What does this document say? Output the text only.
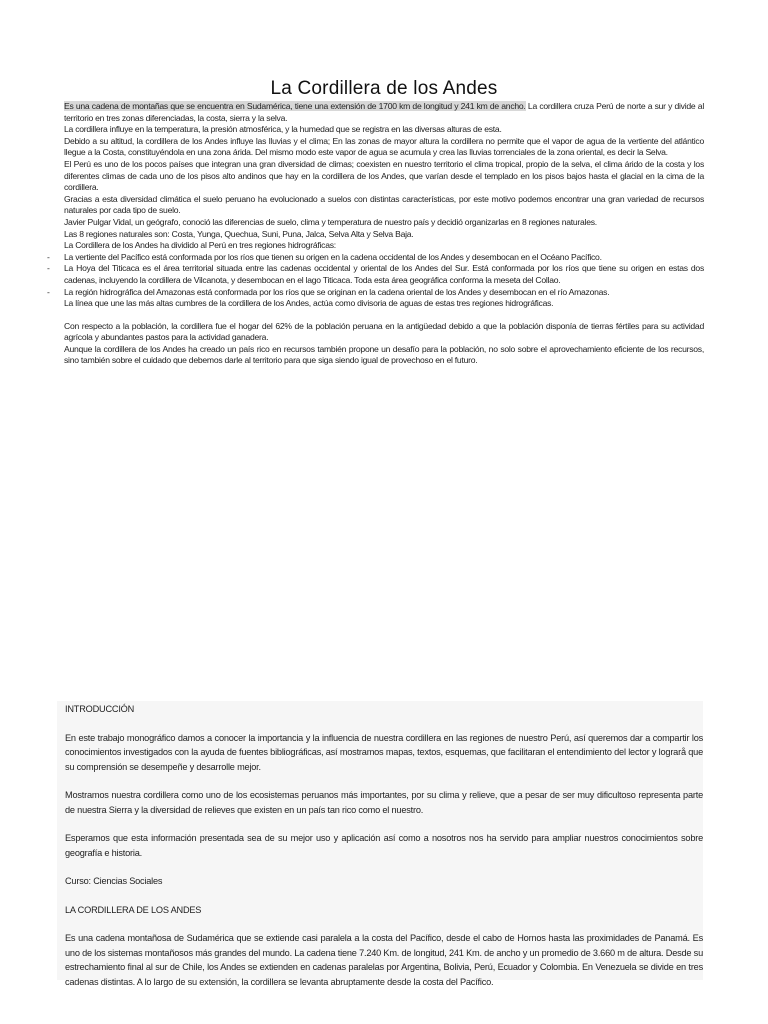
La Cordillera de los Andes

Es una cadena de montañas que se encuentra en Sudamérica, tiene una extensión de 1700 km de longitud y 241 km de ancho. La cordillera cruza Perú de norte a sur y divide al territorio en tres zonas diferenciadas, la costa, sierra y la selva.

La cordillera influye en la temperatura, la presión atmosférica, y la humedad que se registra en las diversas alturas de esta.

Debido a su altitud, la cordillera de los Andes influye las lluvias y el clima; En las zonas de mayor altura la cordillera no permite que el vapor de agua de la vertiente del atlántico llegue a la Costa, constituyéndola en una zona árida. Del mismo modo este vapor de agua se acumula y crea las lluvias torrenciales de la zona oriental, es decir la Selva.

El Perú es uno de los pocos países que integran una gran diversidad de climas; coexisten en nuestro territorio el clima tropical, propio de la selva, el clima árido de la costa y los diferentes climas de cada uno de los pisos alto andinos que hay en la cordillera de los Andes, que varían desde el templado en los pisos bajos hasta el glacial en la cima de la cordillera.

Gracias a esta diversidad climática el suelo peruano ha evolucionado a suelos con distintas características, por este motivo podemos encontrar una gran variedad de recursos naturales por cada tipo de suelo.

Javier Pulgar Vidal, un geógrafo, conoció las diferencias de suelo, clima y temperatura de nuestro país y decidió organizarlas en 8 regiones naturales.

Las 8 regiones naturales son: Costa, Yunga, Quechua, Suni, Puna, Jalca, Selva Alta y Selva Baja.

La Cordillera de los Andes ha dividido al Perú en tres regiones hidrográficas:

- La vertiente del Pacífico está conformada por los ríos que tienen su origen en la cadena occidental de los Andes y desembocan en el Océano Pacífico.

- La Hoya del Titicaca es el área territorial situada entre las cadenas occidental y oriental de los Andes del Sur. Está conformada por los ríos que tiene su origen en estas dos cadenas, incluyendo la cordillera de Vilcanota, y desembocan en el lago Titicaca. Toda esta área geográfica conforma la meseta del Collao.

- La región hidrográfica del Amazonas está conformada por los ríos que se originan en la cadena oriental de los Andes y desembocan en el río Amazonas.

La línea que une las más altas cumbres de la cordillera de los Andes, actúa como divisoria de aguas de estas tres regiones hidrográficas.

Con respecto a la población, la cordillera fue el hogar del 62% de la población peruana en la antigüedad debido a que la población disponía de tierras fértiles para su actividad agrícola y abundantes pastos para la actividad ganadera.

Aunque la cordillera de los Andes ha creado un país rico en recursos también propone un desafío para la población, no solo sobre el aprovechamiento eficiente de los recursos, sino también sobre el cuidado que debemos darle al territorio para que siga siendo igual de provechoso en el futuro.

INTRODUCCIÓN

En este trabajo monográfico damos a conocer la importancia y la influencia de nuestra cordillera en las regiones de nuestro Perú, así queremos dar a compartir los conocimientos investigados con la ayuda de fuentes bibliográficas, así mostramos mapas, textos, esquemas, que facilitaran el entendimiento del lector y lograrå que su comprensión se desempeñe y desarrolle mejor.

Mostramos nuestra cordillera como uno de los ecosistemas peruanos más importantes, por su clima y relieve, que a pesar de ser muy dificultoso representa parte de nuestra Sierra y la diversidad de relieves que existen en un país tan rico como el nuestro.

Esperamos que esta información presentada sea de su mejor uso y aplicación así como a nosotros nos ha servido para ampliar nuestros conocimientos sobre geografía e historia.

Curso: Ciencias Sociales

LA CORDILLERA DE LOS ANDES

Es una cadena montañosa de Sudamérica que se extiende casi paralela a la costa del Pacífico, desde el cabo de Hornos hasta las proximidades de Panamá. Es uno de los sistemas montañosos más grandes del mundo. La cadena tiene 7.240 Km. de longitud, 241 Km. de ancho y un promedio de 3.660 m de altura. Desde su estrechamiento final al sur de Chile, los Andes se extienden en cadenas paralelas por Argentina, Bolivia, Perú, Ecuador y Colombia. En Venezuela se divide en tres cadenas distintas. A lo largo de su extensión, la cordillera se levanta abruptamente desde la costa del Pacífico.
